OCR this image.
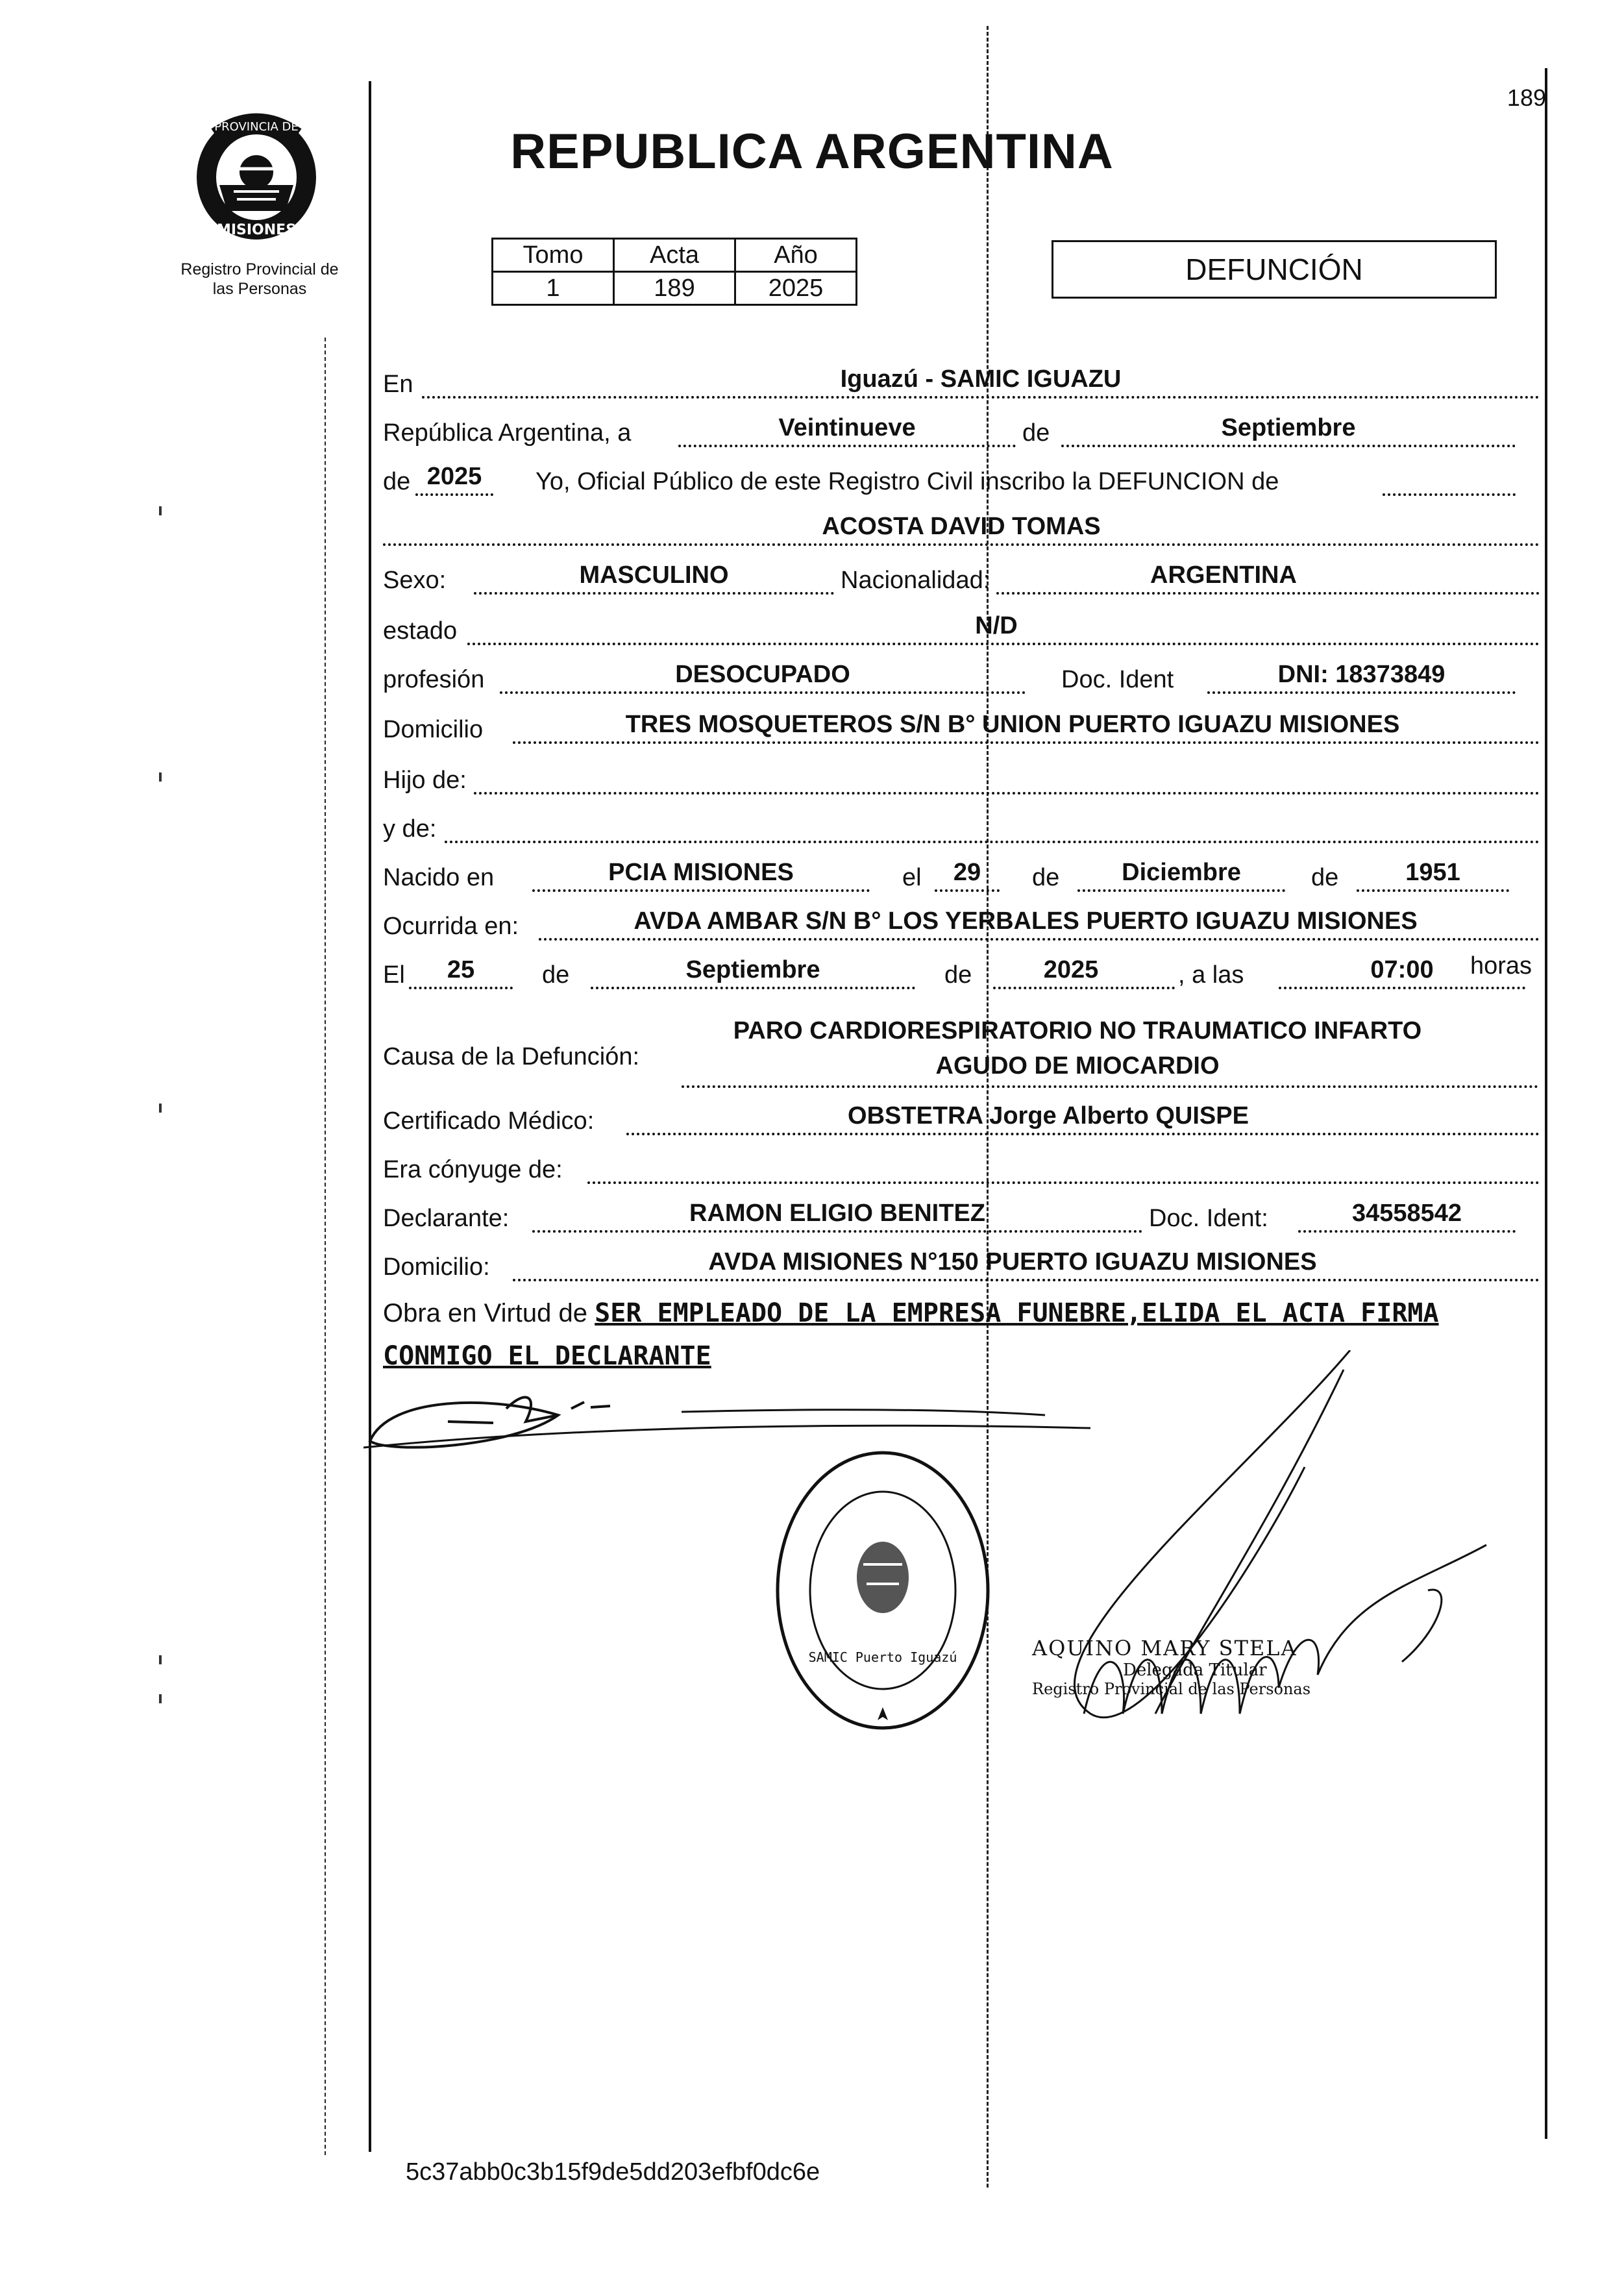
PROVINCIA DE
MISIONES
Registro Provincial de
las Personas
189
REPUBLICA ARGENTINA
Tomo	Acta	Año
1	189	2025
DEFUNCIÓN
En	Iguazú - SAMIC IGUAZU
República Argentina, a	Veintinueve	de	Septiembre
de 2025	Yo, Oficial Público de este Registro Civil inscribo la DEFUNCION de
ACOSTA DAVID TOMAS
Sexo:	MASCULINO	Nacionalidad:	ARGENTINA
estado	N/D
profesión	DESOCUPADO	Doc. Ident	DNI: 18373849
Domicilio	TRES MOSQUETEROS S/N B° UNION PUERTO IGUAZU MISIONES
Hijo de:
y de:
Nacido en	PCIA MISIONES	el	29	de	Diciembre	de	1951
Ocurrida en:	AVDA AMBAR S/N B° LOS YERBALES PUERTO IGUAZU MISIONES
El	25	de	Septiembre	de	2025	, a las	07:00	horas
Causa de la Defunción:
PARO CARDIORESPIRATORIO NO TRAUMATICO INFARTO
AGUDO DE MIOCARDIO
Certificado Médico:	OBSTETRA Jorge Alberto QUISPE
Era cónyuge de:
Declarante:	RAMON ELIGIO BENITEZ	Doc. Ident:	34558542
Domicilio:	AVDA MISIONES N°150 PUERTO IGUAZU MISIONES
Obra en Virtud de SER EMPLEADO DE LA EMPRESA FUNEBRE,ELIDA EL ACTA FIRMA CONMIGO EL DECLARANTE
SAMIC Puerto Iguazú
DELEGACION DEL REGISTRO PROVINCIAL DE LAS PERSONAS
AQUINO MARY STELA
Delegada Titular
Registro Provincial de las Personas
5c37abb0c3b15f9de5dd203efbf0dc6e
